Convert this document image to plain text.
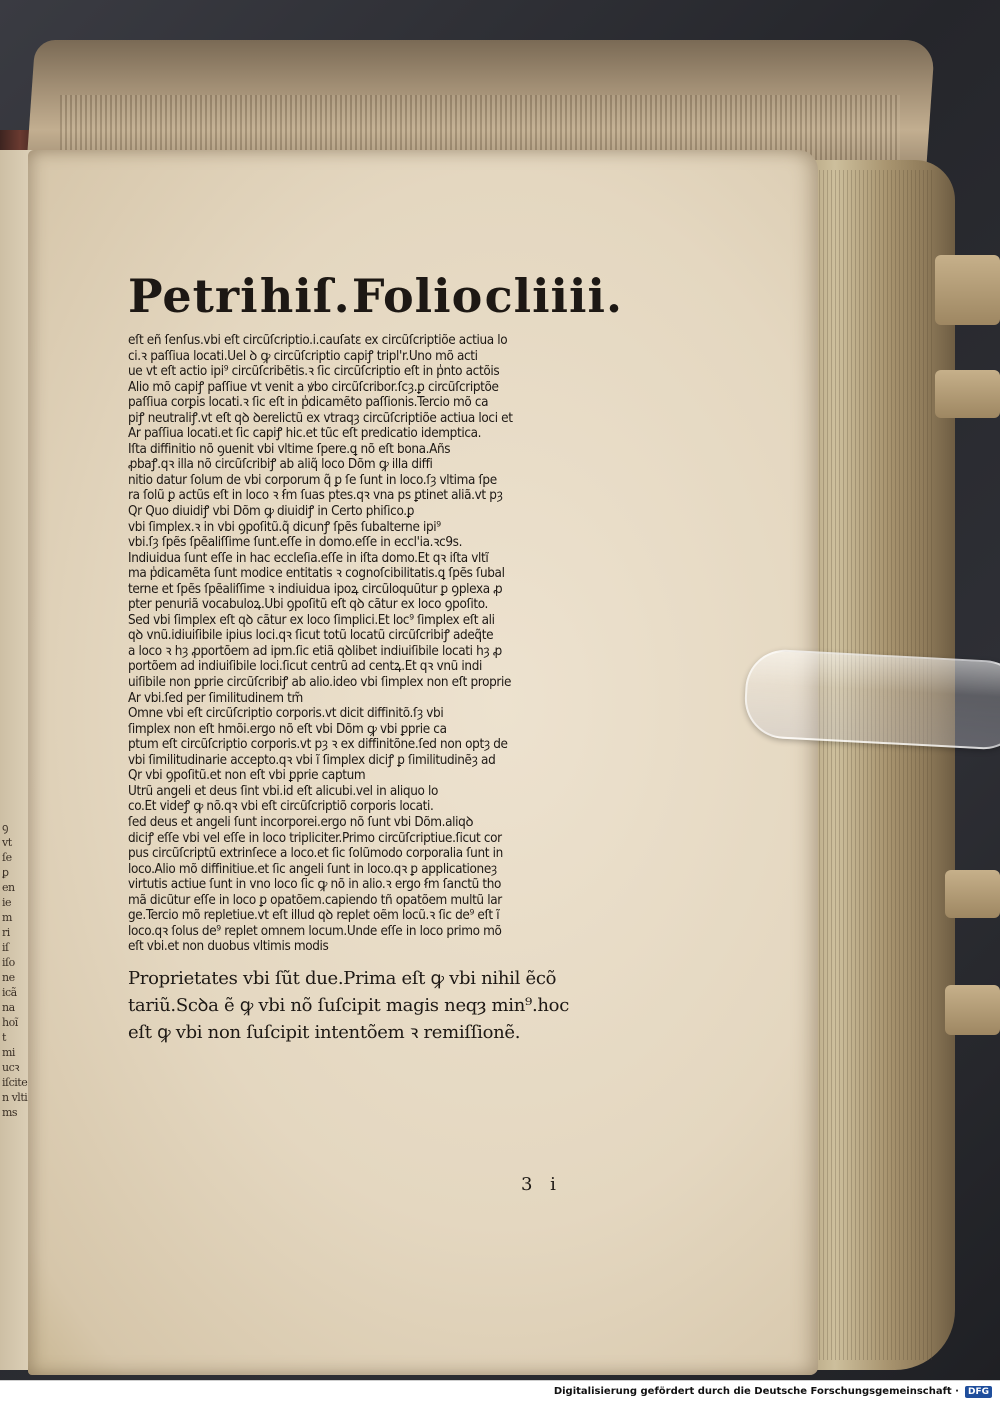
ꝯ
vt
ſe
ꝑ
en
ie
m
ri
iſ
iſo
ne
icã
na
hoĩ
t
mi
ucꝛ
iſcite
n vlti
ms
Petri hiſ. Folio cliiii.
eſt eñ ſenſus.vbi eſt circũſcriptio.i.cauſatɛ ex circũſcriptiõe actiua lo
ci.ꝛ paſſiua locati.Uel ꝺ ꝙ circũſcriptio capiꝭ tripl'r.Uno mõ acti
ue vt eſt actio ipi⁹ circũſcribẽtis.ꝛ ſic circũſcriptio eſt in pͥnto actõis
Alio mõ capiꝭ paſſiue vt venit a ꝟbo circũſcribor.ſcȝ.ꝑ circũſcriptõe
paſſiua corꝑis locati.ꝛ ſic eſt in pͥdicamẽto paſſionis.Tercio mõ ca
piꝭ neutraliꝭ.vt eſt qꝺ ꝺerelictũ ex vtraqȝ circũſcriptiõe actiua loci et
Ar paſſiua locati.et ſic capiꝭ hic.et tũc eſt predicatio idemptica.
Iſta diffinitio nõ ꝯuenit vbi vltime ſpere.ꝗ nõ eſt bona.Añs
ꝓbaꝭ.qꝛ illa nõ circũſcribiꝭ ab aliq̃ loco Dõm ꝙ illa diffi
nitio datur ſolum de vbi corporum q̃ ꝑ ſe ſunt in loco.ſȝ vltima ſpe
ra ſolũ ꝑ actũs eſt in loco ꝛ ẜm ſuas ptes.qꝛ vna ps ꝑtinet aliã.vt pȝ
Qr Quo diuidiꝭ vbi Dõm ꝙ diuidiꝭ in Certo phiſico.ꝑ
vbi ſimplex.ꝛ in vbi ꝯpoſitũ.q̃ dicunꝭ ſpẽs ſubalterne ipi⁹
vbi.ſȝ ſpẽs ſpẽaliſſime ſunt.eſſe in domo.eſſe in eccl'ia.ꝛc9s.
Indiuidua ſunt eſſe in hac eccleſia.eſſe in iſta domo.Et qꝛ iſta vltĩ
ma pͥdicamẽta ſunt modice entitatis ꝛ cognoſcibilitatis.ꝗ ſpẽs ſubal
terne et ſpẽs ſpẽaliſſime ꝛ indiuidua ipoꝝ circũloquũtur ꝑ ꝯplexa ꝓ
pter penuriã vocabuloꝝ.Ubi ꝯpoſitũ eſt qꝺ cãtur ex loco ꝯpoſito.
Sed vbi ſimplex eſt qꝺ cãtur ex loco ſimplici.Et loc⁹ ſimplex eſt ali
qꝺ vnũ.idiuiſibile ipius loci.qꝛ ſicut totũ locatũ circũſcribiꝭ adeq̃te
a loco ꝛ hȝ ꝓportõem ad ipm.ſic etiã qꝺlibet indiuiſibile locati hȝ ꝓ
portõem ad indiuiſibile loci.ſicut centrũ ad centꝝ.Et qꝛ vnũ indi
uiſibile non ꝑprie circũſcribiꝭ ab alio.ideo vbi ſimplex non eſt proprie
Ar vbi.ſed per ſimilitudinem tm̃
Omne vbi eſt circũſcriptio corporis.vt dicit diffinitõ.ſȝ vbi
ſimplex non eſt hmõi.ergo nõ eſt vbi Dõm ꝙ vbi ꝑprie ca
ptum eſt circũſcriptio corporis.vt pȝ ꝛ ex diffinitõne.ſed non optȝ de
vbi ſimilitudinarie accepto.qꝛ vbi ĩ ſimplex diciꝭ ꝑ ſimilitudinẽȝ ad
Qr vbi ꝯpoſitũ.et non eſt vbi ꝑprie captum
Utrũ angeli et deus ſint vbi.id eſt alicubi.vel in aliquo lo
co.Et videꝭ ꝙ nõ.qꝛ vbi eſt circũſcriptiõ corporis locati.
ſed deus et angeli ſunt incorporei.ergo nõ ſunt vbi Dõm.aliqꝺ
diciꝭ eſſe vbi vel eſſe in loco tripliciter.Primo circũſcriptiue.ſicut cor
pus circũſcriptũ extrinſece a loco.et ſic ſolũmodo corporalia ſunt in
loco.Alio mõ diffinitiue.et ſic angeli ſunt in loco.qꝛ ꝑ applicationeȝ
virtutis actiue ſunt in vno loco ſic ꝙ nõ in alio.ꝛ ergo ẜm ſanctũ tho
mã dicũtur eſſe in loco ꝑ opatõem.capiendo tñ opatõem multũ lar
ge.Tercio mõ repletiue.vt eſt illud qꝺ replet oẽm locũ.ꝛ ſic de⁹ eſt ĩ
loco.qꝛ ſolus de⁹ replet omnem locum.Unde eſſe in loco primo mõ
eſt vbi.et non duobus vltimis modis
Proprietates vbi ſũt due.Prima eſt ꝙ vbi nihil ẽcõ
tariũ.Scꝺa ẽ ꝙ vbi nõ ſuſcipit magis neqȝ min⁹.hoc
eſt ꝙ vbi non ſuſcipit intentõem ꝛ remiſſionẽ.
3 i
Digitalisierung gefördert durch die Deutsche Forschungsgemeinschaft ·	DFG
